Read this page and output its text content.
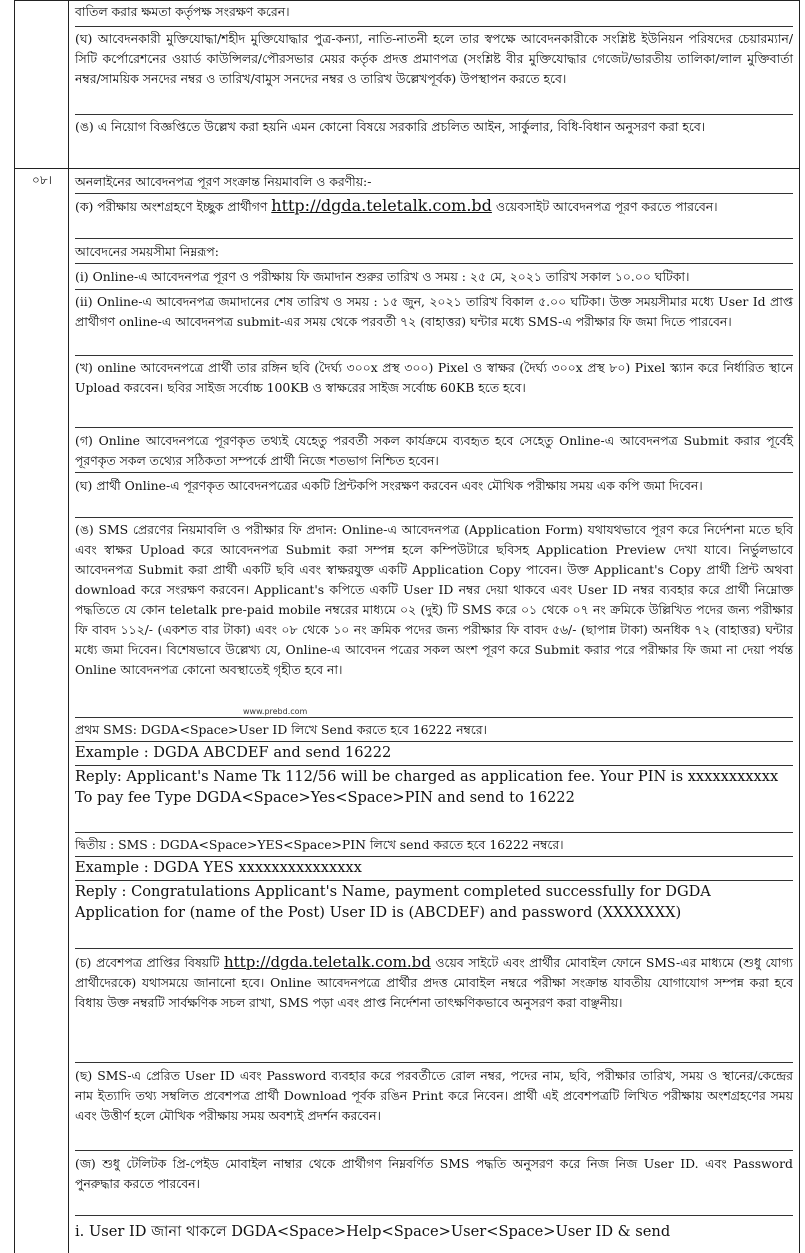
০৮।

বাতিল করার ক্ষমতা কর্তৃপক্ষ সংরক্ষণ করেন।

(ঘ) আবেদনকারী মুক্তিযোদ্ধা/শহীদ মুক্তিযোদ্ধার পুত্র-কন্যা, নাতি-নাতনী হলে তার স্বপক্ষে আবেদনকারীকে সংশ্লিষ্ট ইউনিয়ন পরিষদের চেয়ারম্যান/সিটি কর্পোরেশনের ওয়ার্ড কাউন্সিলর/পৌরসভার মেয়র কর্তৃক প্রদত্ত প্রমাণপত্র (সংশ্লিষ্ট বীর মুক্তিযোদ্ধার গেজেট/ভারতীয় তালিকা/লাল মুক্তিবার্তা নম্বর/সাময়িক সনদের নম্বর ও তারিখ/বামুস সনদের নম্বর ও তারিখ উল্লেখপূর্বক) উপস্থাপন করতে হবে।

(ঙ) এ নিয়োগ বিজ্ঞপ্তিতে উল্লেখ করা হয়নি এমন কোনো বিষয়ে সরকারি প্রচলিত আইন, সার্কুলার, বিধি-বিধান অনুসরণ করা হবে।

অনলাইনের আবেদনপত্র পূরণ সংক্রান্ত নিয়মাবলি ও করণীয়:-

(ক) পরীক্ষায় অংশগ্রহণে ইচ্ছুক প্রার্থীগণ http://dgda.teletalk.com.bd ওয়েবসাইট আবেদনপত্র পূরণ করতে পারবেন।

আবেদনের সময়সীমা নিম্নরূপ:

(i) Online-এ আবেদনপত্র পূরণ ও পরীক্ষায় ফি জমাদান শুরুর তারিখ ও সময় : ২৫ মে, ২০২১ তারিখ সকাল ১০.০০ ঘটিকা।

(ii) Online-এ আবেদনপত্র জমাদানের শেষ তারিখ ও সময় : ১৫ জুন, ২০২১ তারিখ বিকাল ৫.০০ ঘটিকা। উক্ত সময়সীমার মধ্যে User Id প্রাপ্ত প্রার্থীগণ online-এ আবেদনপত্র submit-এর সময় থেকে পরবর্তী ৭২ (বাহাত্তর) ঘন্টার মধ্যে SMS-এ পরীক্ষার ফি জমা দিতে পারবেন।

(খ) online আবেদনপত্রে প্রার্থী তার রঙ্গিন ছবি (দৈর্ঘ্য ৩০০x প্রস্থ ৩০০) Pixel ও স্বাক্ষর (দৈর্ঘ্য ৩০০x প্রস্থ ৮০) Pixel স্ক্যান করে নির্ধারিত স্থানে Upload করবেন। ছবির সাইজ সর্বোচ্চ 100KB ও স্বাক্ষরের সাইজ সর্বোচ্চ 60KB হতে হবে।

(গ) Online আবেদনপত্রে পূরণকৃত তথ্যই যেহেতু পরবর্তী সকল কার্যক্রমে ব্যবহৃত হবে সেহেতু Online-এ আবেদনপত্র Submit করার পূর্বেই পূরণকৃত সকল তথ্যের সঠিকতা সম্পর্কে প্রার্থী নিজে শতভাগ নিশ্চিত হবেন।

(ঘ) প্রার্থী Online-এ পূরণকৃত আবেদনপত্রের একটি প্রিন্টকপি সংরক্ষণ করবেন এবং মৌখিক পরীক্ষায় সময় এক কপি জমা দিবেন।

(ঙ) SMS প্রেরণের নিয়মাবলি ও পরীক্ষার ফি প্রদান: Online-এ আবেদনপত্র (Application Form) যথাযথভাবে পূরণ করে নির্দেশনা মতে ছবি এবং স্বাক্ষর Upload করে আবেদনপত্র Submit করা সম্পন্ন হলে কম্পিউটারে ছবিসহ Application Preview দেখা যাবে। নির্ভুলভাবে আবেদনপত্র Submit করা প্রার্থী একটি ছবি এবং স্বাক্ষরযুক্ত একটি Application Copy পাবেন। উক্ত Applicant's Copy প্রার্থী প্রিন্ট অথবা download করে সংরক্ষণ করবেন। Applicant's কপিতে একটি User ID নম্বর দেয়া থাকবে এবং User ID নম্বর ব্যবহার করে প্রার্থী নিম্নোক্ত পদ্ধতিতে যে কোন teletalk pre-paid mobile নম্বরের মাধ্যমে ০২ (দুই) টি SMS করে ০১ থেকে ০৭ নং ক্রমিকে উল্লিখিত পদের জন্য পরীক্ষার ফি বাবদ ১১২/- (একশত বার টাকা) এবং ০৮ থেকে ১০ নং ক্রমিক পদের জন্য পরীক্ষার ফি বাবদ ৫৬/- (ছাপান্ন টাকা) অনধিক ৭২ (বাহাত্তর) ঘন্টার মধ্যে জমা দিবেন। বিশেষভাবে উল্লেখ্য যে, Online-এ আবেদন পত্রের সকল অংশ পূরণ করে Submit করার পরে পরীক্ষার ফি জমা না দেয়া পর্যন্ত Online আবেদনপত্র কোনো অবস্থাতেই গৃহীত হবে না।

www.prebd.com

প্রথম SMS: DGDA<Space>User ID লিখে Send করতে হবে 16222 নম্বরে।

Example : DGDA ABCDEF and send 16222

Reply: Applicant's Name Tk 112/56 will be charged as application fee. Your PIN is xxxxxxxxxxx To pay fee Type DGDA<Space>Yes<Space>PIN and send to 16222

দ্বিতীয় : SMS : DGDA<Space>YES<Space>PIN লিখে send করতে হবে 16222 নম্বরে।

Example : DGDA YES xxxxxxxxxxxxxxx

Reply : Congratulations Applicant's Name, payment completed successfully for DGDA Application for (name of the Post) User ID is (ABCDEF) and password (XXXXXXX)

(চ) প্রবেশপত্র প্রাপ্তির বিষয়টি http://dgda.teletalk.com.bd ওয়েব সাইটে এবং প্রার্থীর মোবাইল ফোনে SMS-এর মাধ্যমে (শুধু যোগ্য প্রার্থীদেরকে) যথাসময়ে জানানো হবে। Online আবেদনপত্রে প্রার্থীর প্রদত্ত মোবাইল নম্বরে পরীক্ষা সংক্রান্ত যাবতীয় যোগাযোগ সম্পন্ন করা হবে বিধায় উক্ত নম্বরটি সার্বক্ষণিক সচল রাখা, SMS পড়া এবং প্রাপ্ত নির্দেশনা তাৎক্ষণিকভাবে অনুসরণ করা বাঞ্ছনীয়।

(ছ) SMS-এ প্রেরিত User ID এবং Password ব্যবহার করে পরবর্তীতে রোল নম্বর, পদের নাম, ছবি, পরীক্ষার তারিখ, সময় ও স্থানের/কেন্দ্রের নাম ইত্যাদি তথ্য সম্বলিত প্রবেশপত্র প্রার্থী Download পূর্বক রঙিন Print করে নিবেন। প্রার্থী এই প্রবেশপত্রটি লিখিত পরীক্ষায় অংশগ্রহণের সময় এবং উত্তীর্ণ হলে মৌখিক পরীক্ষায় সময় অবশ্যই প্রদর্শন করবেন।

(জ) শুধু টেলিটক প্রি-পেইড মোবাইল নাম্বার থেকে প্রার্থীগণ নিম্নবর্ণিত SMS পদ্ধতি অনুসরণ করে নিজ নিজ User ID. এবং Password পুনরুদ্ধার করতে পারবেন।

i. User ID জানা থাকলে DGDA<Space>Help<Space>User<Space>User ID & send
